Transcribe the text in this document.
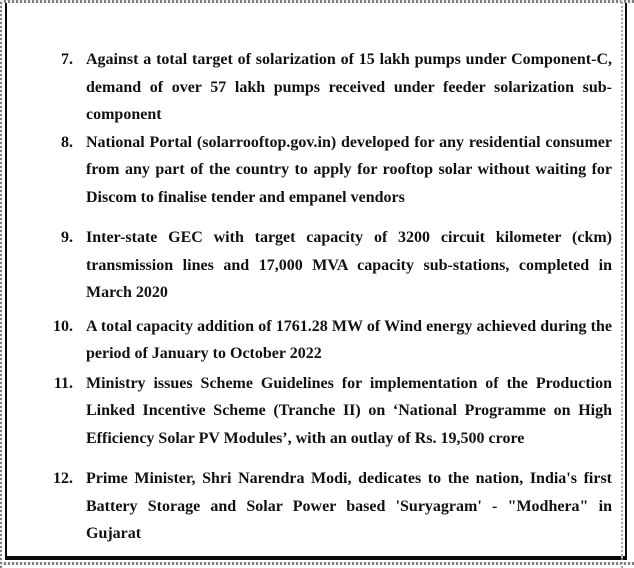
7. Against a total target of solarization of 15 lakh pumps under Component-C, demand of over 57 lakh pumps received under feeder solarization sub-component
8. National Portal (solarrooftop.gov.in) developed for any residential consumer from any part of the country to apply for rooftop solar without waiting for Discom to finalise tender and empanel vendors
9. Inter-state GEC with target capacity of 3200 circuit kilometer (ckm) transmission lines and 17,000 MVA capacity sub-stations, completed in March 2020
10. A total capacity addition of 1761.28 MW of Wind energy achieved during the period of January to October 2022
11. Ministry issues Scheme Guidelines for implementation of the Production Linked Incentive Scheme (Tranche II) on ‘National Programme on High Efficiency Solar PV Modules’, with an outlay of Rs. 19,500 crore
12. Prime Minister, Shri Narendra Modi, dedicates to the nation, India's first Battery Storage and Solar Power based 'Suryagram' - "Modhera" in Gujarat
